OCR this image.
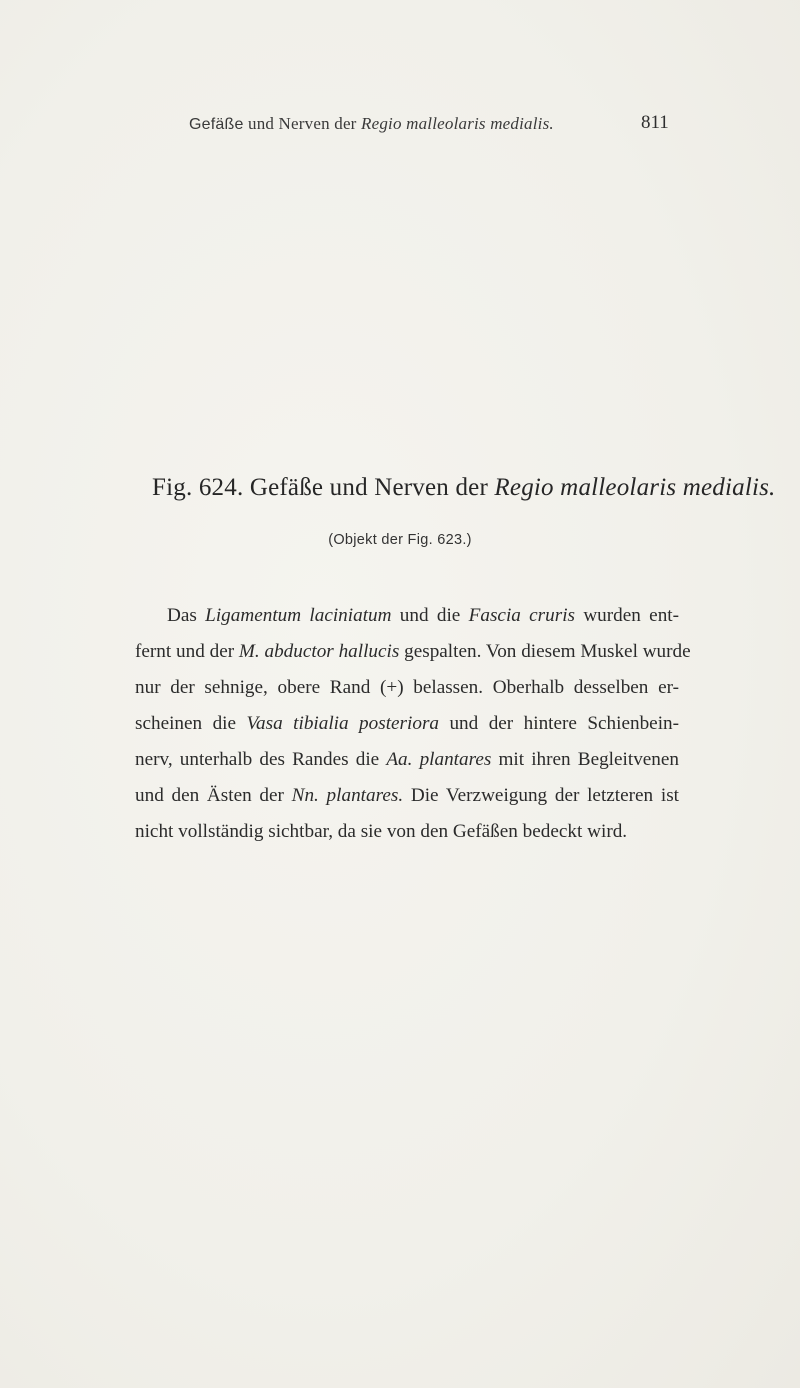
Gefäße und Nerven der Regio malleolaris medialis.	811
Fig. 624. Gefäße und Nerven der Regio malleolaris medialis.
(Objekt der Fig. 623.)
Das Ligamentum laciniatum und die Fascia cruris wurden ent-
fernt und der M. abductor hallucis gespalten. Von diesem Muskel wurde
nur der sehnige, obere Rand (+) belassen. Oberhalb desselben er-
scheinen die Vasa tibialia posteriora und der hintere Schienbein-
nerv, unterhalb des Randes die Aa. plantares mit ihren Begleitvenen
und den Ästen der Nn. plantares. Die Verzweigung der letzteren ist
nicht vollständig sichtbar, da sie von den Gefäßen bedeckt wird.
